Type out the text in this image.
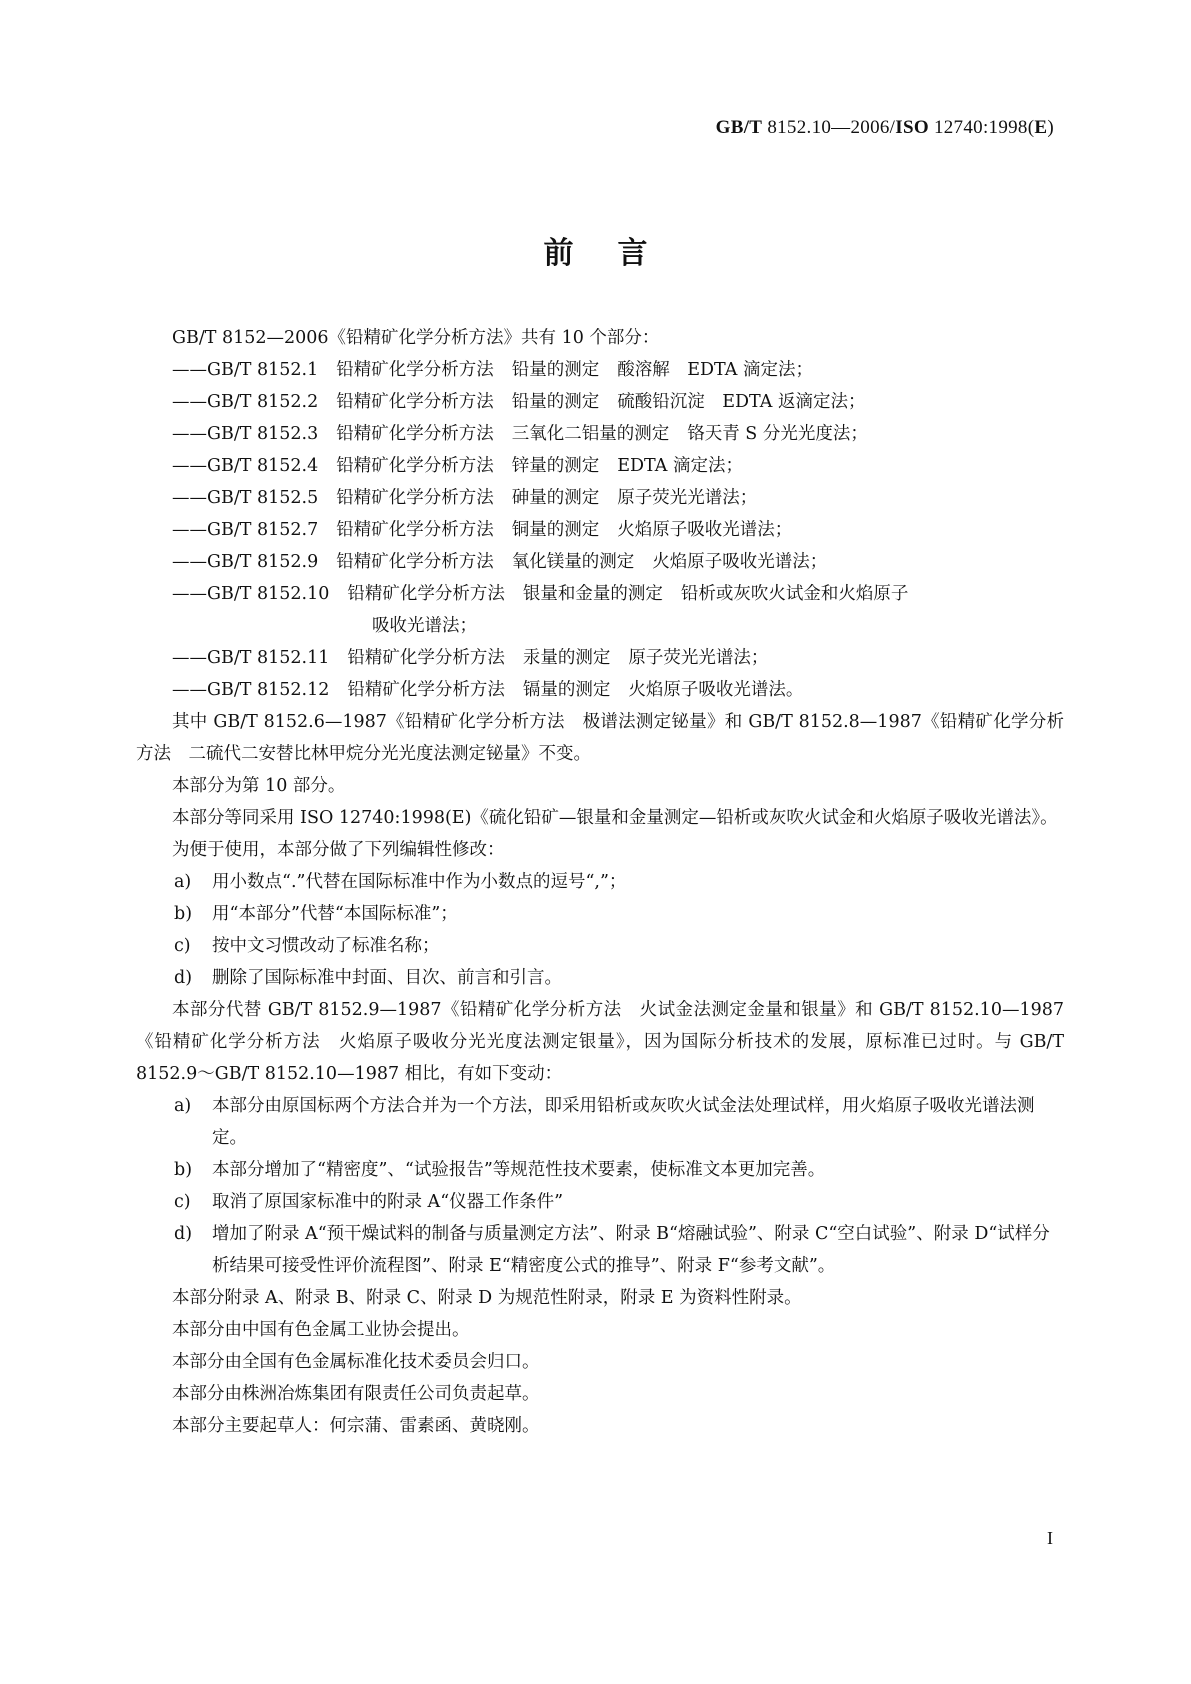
GB/T 8152.10—2006/ISO 12740:1998(E)
前言

GB/T 8152—2006《铅精矿化学分析方法》共有 10 个部分：

——GB/T 8152.1 铅精矿化学分析方法 铅量的测定 酸溶解　EDTA 滴定法；

——GB/T 8152.2 铅精矿化学分析方法 铅量的测定 硫酸铅沉淀　EDTA 返滴定法；

——GB/T 8152.3 铅精矿化学分析方法 三氧化二铝量的测定 铬天青 S 分光光度法；

——GB/T 8152.4 铅精矿化学分析方法 锌量的测定 EDTA 滴定法；

——GB/T 8152.5 铅精矿化学分析方法 砷量的测定 原子荧光光谱法；

——GB/T 8152.7 铅精矿化学分析方法 铜量的测定 火焰原子吸收光谱法；

——GB/T 8152.9 铅精矿化学分析方法 氧化镁量的测定 火焰原子吸收光谱法；

——GB/T 8152.10 铅精矿化学分析方法 银量和金量的测定 铅析或灰吹火试金和火焰原子
吸收光谱法；

——GB/T 8152.11 铅精矿化学分析方法 汞量的测定 原子荧光光谱法；

——GB/T 8152.12 铅精矿化学分析方法 镉量的测定 火焰原子吸收光谱法。

其中 GB/T 8152.6—1987《铅精矿化学分析方法　极谱法测定铋量》和 GB/T 8152.8—1987《铅精矿化学分析方法　二硫代二安替比林甲烷分光光度法测定铋量》不变。

本部分为第 10 部分。

本部分等同采用 ISO 12740:1998(E)《硫化铅矿—银量和金量测定—铅析或灰吹火试金和火焰原子吸收光谱法》。

为便于使用，本部分做了下列编辑性修改：

a) 用小数点“.”代替在国际标准中作为小数点的逗号“,”；

b) 用“本部分”代替“本国际标准”；

c) 按中文习惯改动了标准名称；

d) 删除了国际标准中封面、目次、前言和引言。

本部分代替 GB/T 8152.9—1987《铅精矿化学分析方法　火试金法测定金量和银量》和 GB/T 8152.10—1987《铅精矿化学分析方法　火焰原子吸收分光光度法测定银量》，因为国际分析技术的发展，原标准已过时。与 GB/T 8152.9～GB/T 8152.10—1987 相比，有如下变动：

a) 本部分由原国标两个方法合并为一个方法，即采用铅析或灰吹火试金法处理试样，用火焰原子吸收光谱法测定。

b) 本部分增加了“精密度”、“试验报告”等规范性技术要素，使标准文本更加完善。

c) 取消了原国家标准中的附录 A“仪器工作条件”

d) 增加了附录 A“预干燥试料的制备与质量测定方法”、附录 B“熔融试验”、附录 C“空白试验”、附录 D“试样分析结果可接受性评价流程图”、附录 E“精密度公式的推导”、附录 F“参考文献”。

本部分附录 A、附录 B、附录 C、附录 D 为规范性附录，附录 E 为资料性附录。

本部分由中国有色金属工业协会提出。

本部分由全国有色金属标准化技术委员会归口。

本部分由株洲冶炼集团有限责任公司负责起草。

本部分主要起草人：何宗蒲、雷素函、黄晓刚。

I
